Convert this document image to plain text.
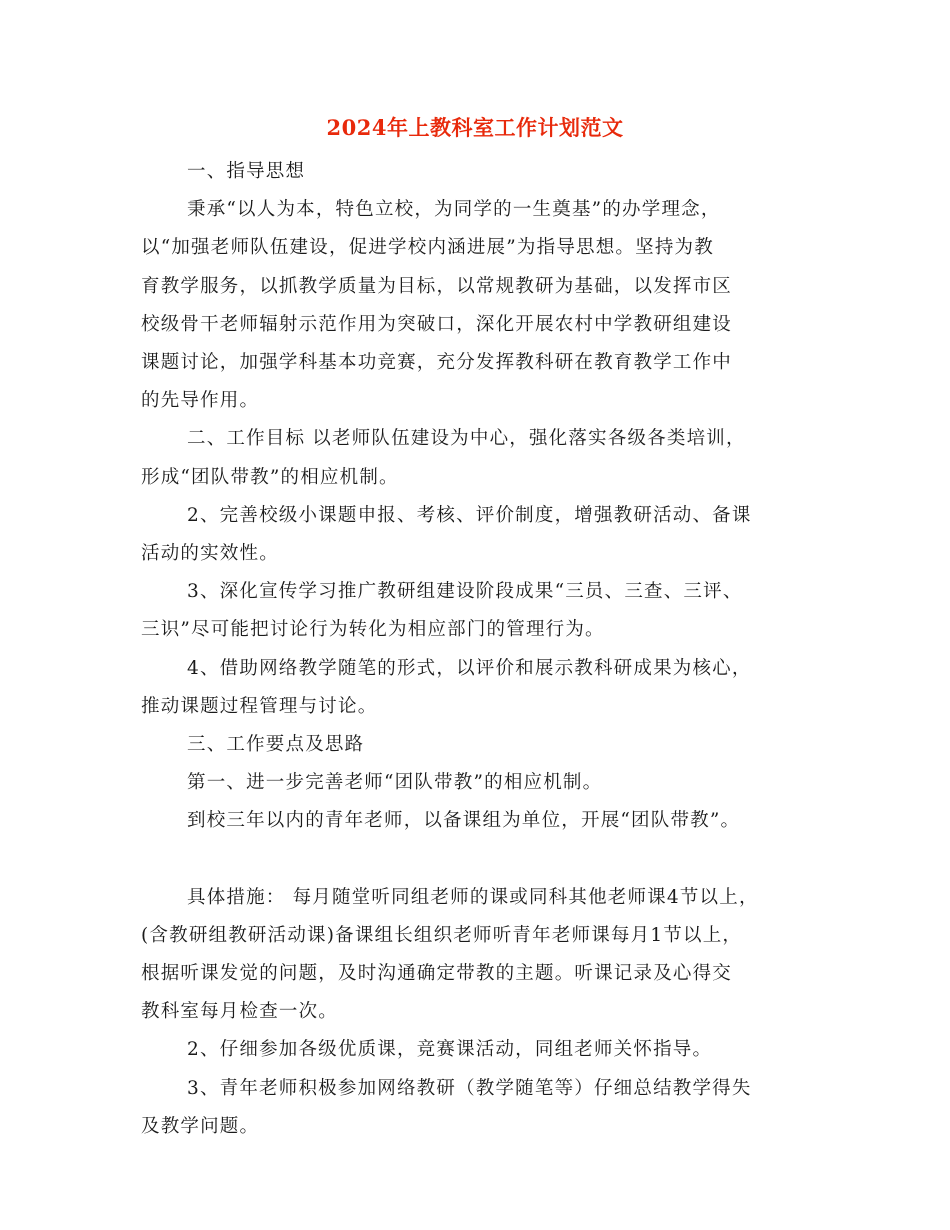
2024年上教科室工作计划范文

一、指导思想

秉承“以人为本，特色立校，为同学的一生奠基”的办学理念，

以“加强老师队伍建设，促进学校内涵进展”为指导思想。坚持为教

育教学服务，以抓教学质量为目标，以常规教研为基础，以发挥市区

校级骨干老师辐射示范作用为突破口，深化开展农村中学教研组建设

课题讨论，加强学科基本功竞赛，充分发挥教科研在教育教学工作中

的先导作用。

二、工作目标 以老师队伍建设为中心，强化落实各级各类培训，

形成“团队带教”的相应机制。

2、完善校级小课题申报、考核、评价制度，增强教研活动、备课

活动的实效性。

3、深化宣传学习推广教研组建设阶段成果“三员、三查、三评、

三识”尽可能把讨论行为转化为相应部门的管理行为。

4、借助网络教学随笔的形式，以评价和展示教科研成果为核心，

推动课题过程管理与讨论。

三、工作要点及思路

第一、进一步完善老师“团队带教”的相应机制。

到校三年以内的青年老师，以备课组为单位，开展“团队带教”。

具体措施： 每月随堂听同组老师的课或同科其他老师课4节以上，

(含教研组教研活动课)备课组长组织老师听青年老师课每月1节以上，

根据听课发觉的问题，及时沟通确定带教的主题。听课记录及心得交

教科室每月检查一次。

2、仔细参加各级优质课，竞赛课活动，同组老师关怀指导。

3、青年老师积极参加网络教研（教学随笔等）仔细总结教学得失

及教学问题。
